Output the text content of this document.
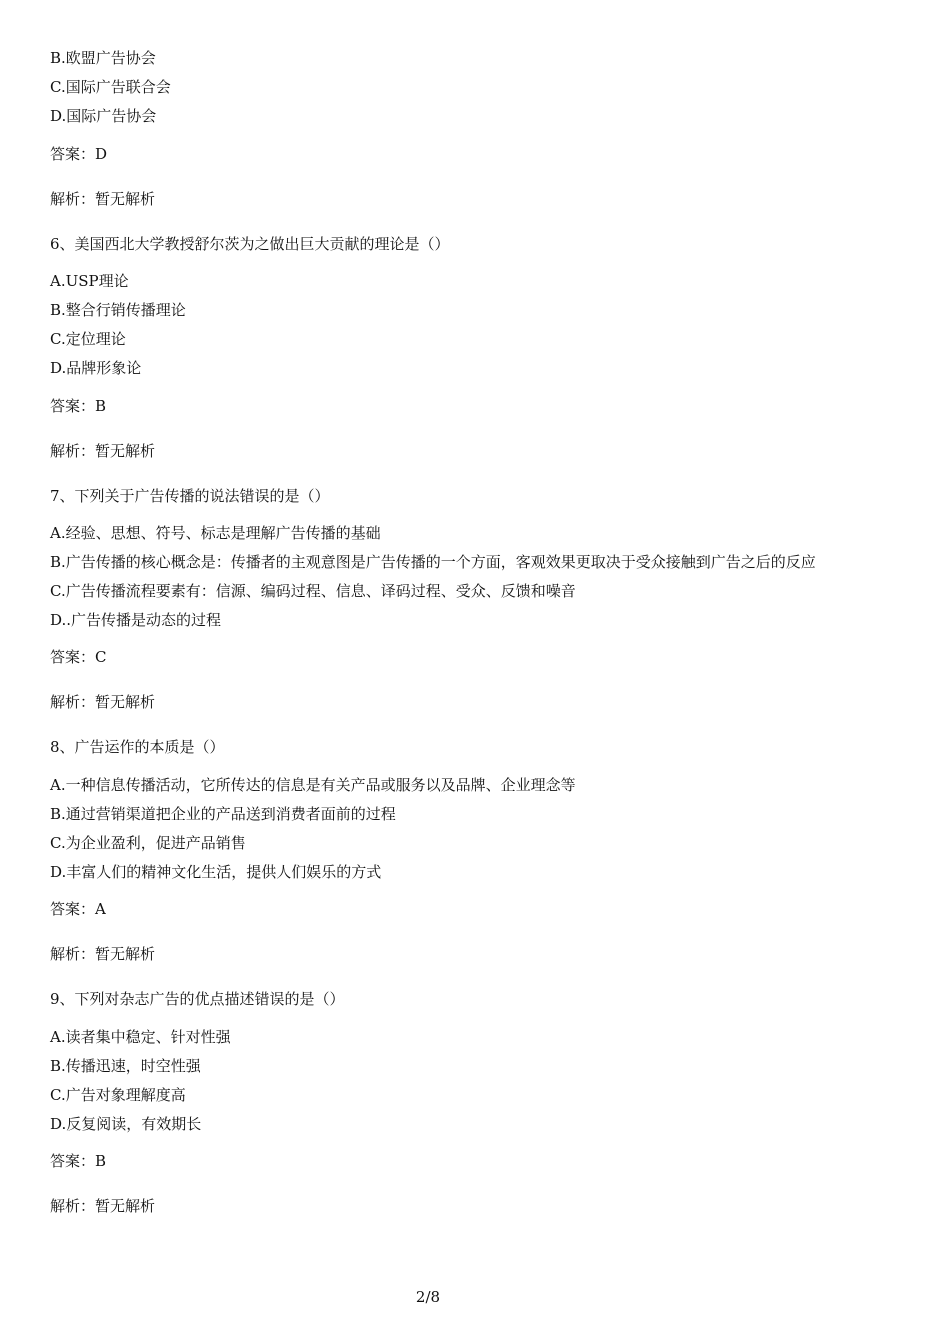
B.欧盟广告协会
C.国际广告联合会
D.国际广告协会
答案：D
解析：暂无解析
6、美国西北大学教授舒尔茨为之做出巨大贡献的理论是（）
A.USP理论
B.整合行销传播理论
C.定位理论
D.品牌形象论
答案：B
解析：暂无解析
7、下列关于广告传播的说法错误的是（）
A.经验、思想、符号、标志是理解广告传播的基础
B.广告传播的核心概念是：传播者的主观意图是广告传播的一个方面，客观效果更取决于受众接触到广告之后的反应
C.广告传播流程要素有：信源、编码过程、信息、译码过程、受众、反馈和噪音
D..广告传播是动态的过程
答案：C
解析：暂无解析
8、广告运作的本质是（）
A.一种信息传播活动，它所传达的信息是有关产品或服务以及品牌、企业理念等
B.通过营销渠道把企业的产品送到消费者面前的过程
C.为企业盈利，促进产品销售
D.丰富人们的精神文化生活，提供人们娱乐的方式
答案：A
解析：暂无解析
9、下列对杂志广告的优点描述错误的是（）
A.读者集中稳定、针对性强
B.传播迅速，时空性强
C.广告对象理解度高
D.反复阅读，有效期长
答案：B
解析：暂无解析
2/8
